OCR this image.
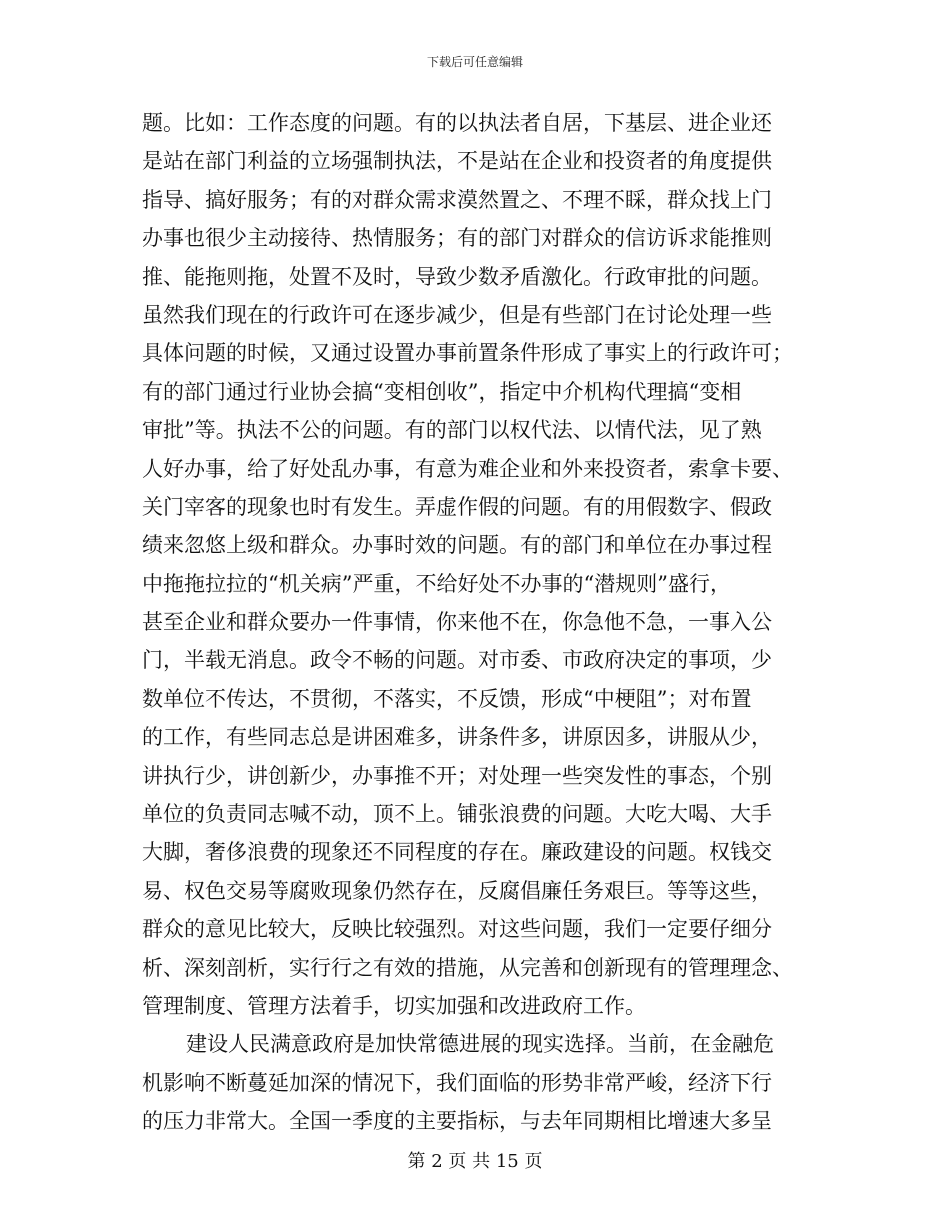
下载后可任意编辑
题。比如：工作态度的问题。有的以执法者自居，下基层、进企业还
是站在部门利益的立场强制执法，不是站在企业和投资者的角度提供
指导、搞好服务；有的对群众需求漠然置之、不理不睬，群众找上门
办事也很少主动接待、热情服务；有的部门对群众的信访诉求能推则
推、能拖则拖，处置不及时，导致少数矛盾激化。行政审批的问题。
虽然我们现在的行政许可在逐步减少，但是有些部门在讨论处理一些
具体问题的时候，又通过设置办事前置条件形成了事实上的行政许可；
有的部门通过行业协会搞“变相创收”，指定中介机构代理搞“变相
审批”等。执法不公的问题。有的部门以权代法、以情代法，见了熟
人好办事，给了好处乱办事，有意为难企业和外来投资者，索拿卡要、
关门宰客的现象也时有发生。弄虚作假的问题。有的用假数字、假政
绩来忽悠上级和群众。办事时效的问题。有的部门和单位在办事过程
中拖拖拉拉的“机关病”严重，不给好处不办事的“潜规则”盛行，
甚至企业和群众要办一件事情，你来他不在，你急他不急，一事入公
门，半载无消息。政令不畅的问题。对市委、市政府决定的事项，少
数单位不传达，不贯彻，不落实，不反馈，形成“中梗阻”；对布置
的工作，有些同志总是讲困难多，讲条件多，讲原因多，讲服从少，
讲执行少，讲创新少，办事推不开；对处理一些突发性的事态，个别
单位的负责同志喊不动，顶不上。铺张浪费的问题。大吃大喝、大手
大脚，奢侈浪费的现象还不同程度的存在。廉政建设的问题。权钱交
易、权色交易等腐败现象仍然存在，反腐倡廉任务艰巨。等等这些，
群众的意见比较大，反映比较强烈。对这些问题，我们一定要仔细分
析、深刻剖析，实行行之有效的措施，从完善和创新现有的管理理念、
管理制度、管理方法着手，切实加强和改进政府工作。
建设人民满意政府是加快常德进展的现实选择。当前，在金融危
机影响不断蔓延加深的情况下，我们面临的形势非常严峻，经济下行
的压力非常大。全国一季度的主要指标，与去年同期相比增速大多呈
第 2 页 共 15 页
